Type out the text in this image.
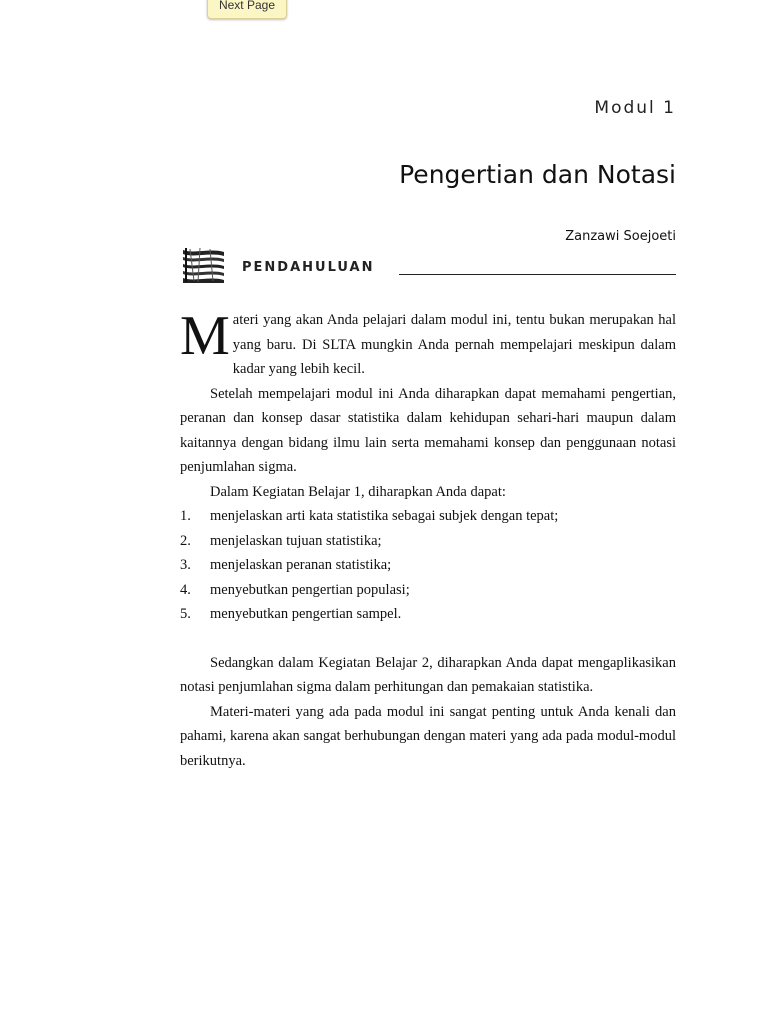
Next Page
Modul 1
Pengertian dan Notasi
Zanzawi Soejoeti
PENDAHULUAN

Materi yang akan Anda pelajari dalam modul ini, tentu bukan merupakan hal yang baru. Di SLTA mungkin Anda pernah mempelajari meskipun dalam kadar yang lebih kecil.

Setelah mempelajari modul ini Anda diharapkan dapat memahami pengertian, peranan dan konsep dasar statistika dalam kehidupan sehari-hari maupun dalam kaitannya dengan bidang ilmu lain serta memahami konsep dan penggunaan notasi penjumlahan sigma.

Dalam Kegiatan Belajar 1, diharapkan Anda dapat:

1. menjelaskan arti kata statistika sebagai subjek dengan tepat;
2. menjelaskan tujuan statistika;
3. menjelaskan peranan statistika;
4. menyebutkan pengertian populasi;
5. menyebutkan pengertian sampel.

Sedangkan dalam Kegiatan Belajar 2, diharapkan Anda dapat mengaplikasikan notasi penjumlahan sigma dalam perhitungan dan pemakaian statistika.

Materi-materi yang ada pada modul ini sangat penting untuk Anda kenali dan pahami, karena akan sangat berhubungan dengan materi yang ada pada modul-modul berikutnya.
